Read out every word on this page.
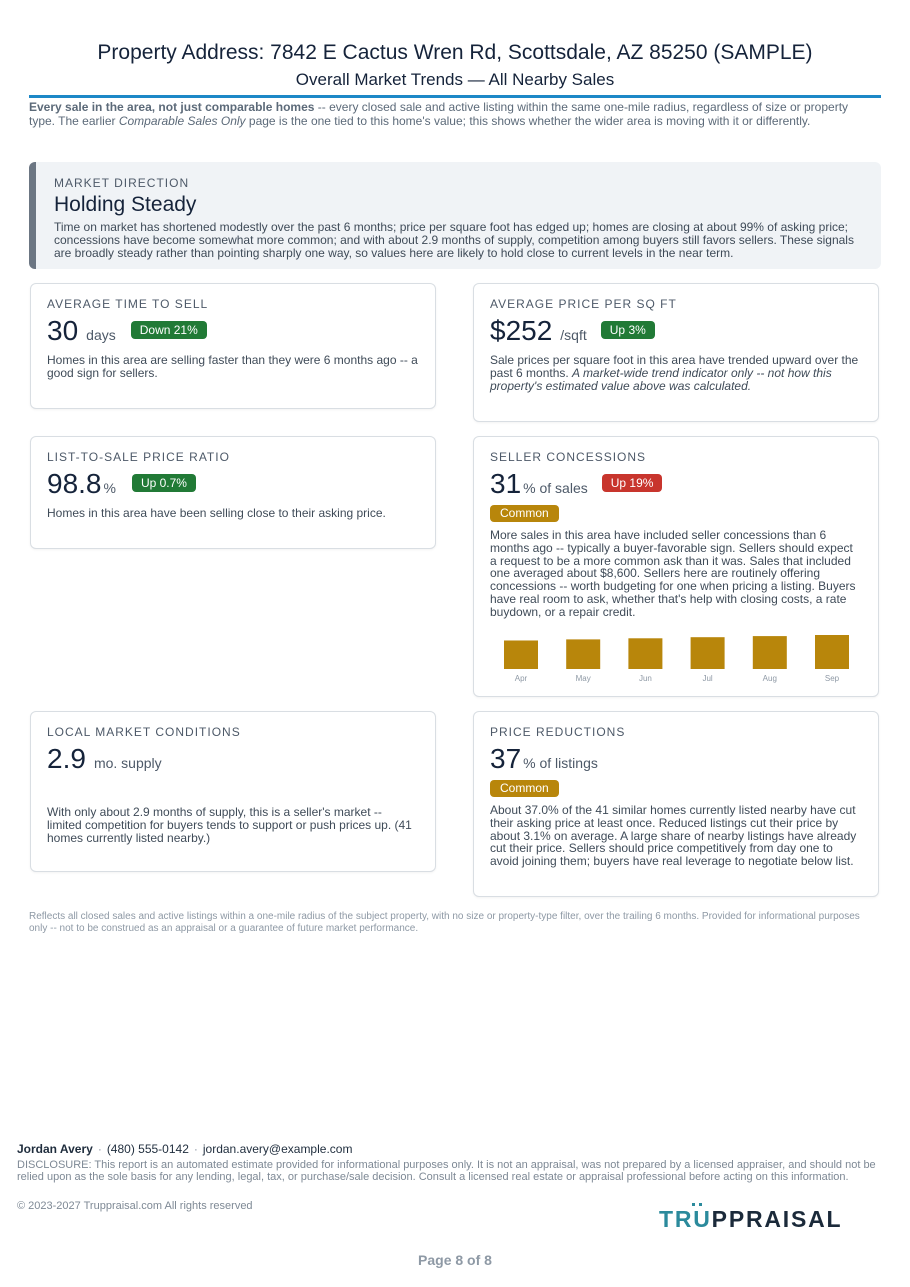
Property Address: 7842 E Cactus Wren Rd, Scottsdale, AZ 85250 (SAMPLE)
Overall Market Trends — All Nearby Sales
Every sale in the area, not just comparable homes -- every closed sale and active listing within the same one-mile radius, regardless of size or property type. The earlier Comparable Sales Only page is the one tied to this home's value; this shows whether the wider area is moving with it or differently.
MARKET DIRECTION
Holding Steady
Time on market has shortened modestly over the past 6 months; price per square foot has edged up; homes are closing at about 99% of asking price; concessions have become somewhat more common; and with about 2.9 months of supply, competition among buyers still favors sellers. These signals are broadly steady rather than pointing sharply one way, so values here are likely to hold close to current levels in the near term.
AVERAGE TIME TO SELL
30 days	Down 21%
Homes in this area are selling faster than they were 6 months ago -- a good sign for sellers.
AVERAGE PRICE PER SQ FT
$252 /sqft	Up 3%
Sale prices per square foot in this area have trended upward over the past 6 months. A market-wide trend indicator only -- not how this property's estimated value above was calculated.
LIST-TO-SALE PRICE RATIO
98.8 %	Up 0.7%
Homes in this area have been selling close to their asking price.
SELLER CONCESSIONS
31 % of sales	Up 19%
Common
More sales in this area have included seller concessions than 6 months ago -- typically a buyer-favorable sign. Sellers should expect a request to be a more common ask than it was. Sales that included one averaged about $8,600. Sellers here are routinely offering concessions -- worth budgeting for one when pricing a listing. Buyers have real room to ask, whether that's help with closing costs, a rate buydown, or a repair credit.
Apr	May	Jun	Jul	Aug	Sep
LOCAL MARKET CONDITIONS
2.9 mo. supply
With only about 2.9 months of supply, this is a seller's market -- limited competition for buyers tends to support or push prices up. (41 homes currently listed nearby.)
PRICE REDUCTIONS
37 % of listings
Common
About 37.0% of the 41 similar homes currently listed nearby have cut their asking price at least once. Reduced listings cut their price by about 3.1% on average. A large share of nearby listings have already cut their price. Sellers should price competitively from day one to avoid joining them; buyers have real leverage to negotiate below list.
Reflects all closed sales and active listings within a one-mile radius of the subject property, with no size or property-type filter, over the trailing 6 months. Provided for informational purposes only -- not to be construed as an appraisal or a guarantee of future market performance.
Jordan Avery · (480) 555-0142 · jordan.avery@example.com
DISCLOSURE: This report is an automated estimate provided for informational purposes only. It is not an appraisal, was not prepared by a licensed appraiser, and should not be relied upon as the sole basis for any lending, legal, tax, or purchase/sale decision. Consult a licensed real estate or appraisal professional before acting on this information.
© 2023-2027 Truppraisal.com All rights reserved	TRUPPRAISAL
Page 8 of 8
